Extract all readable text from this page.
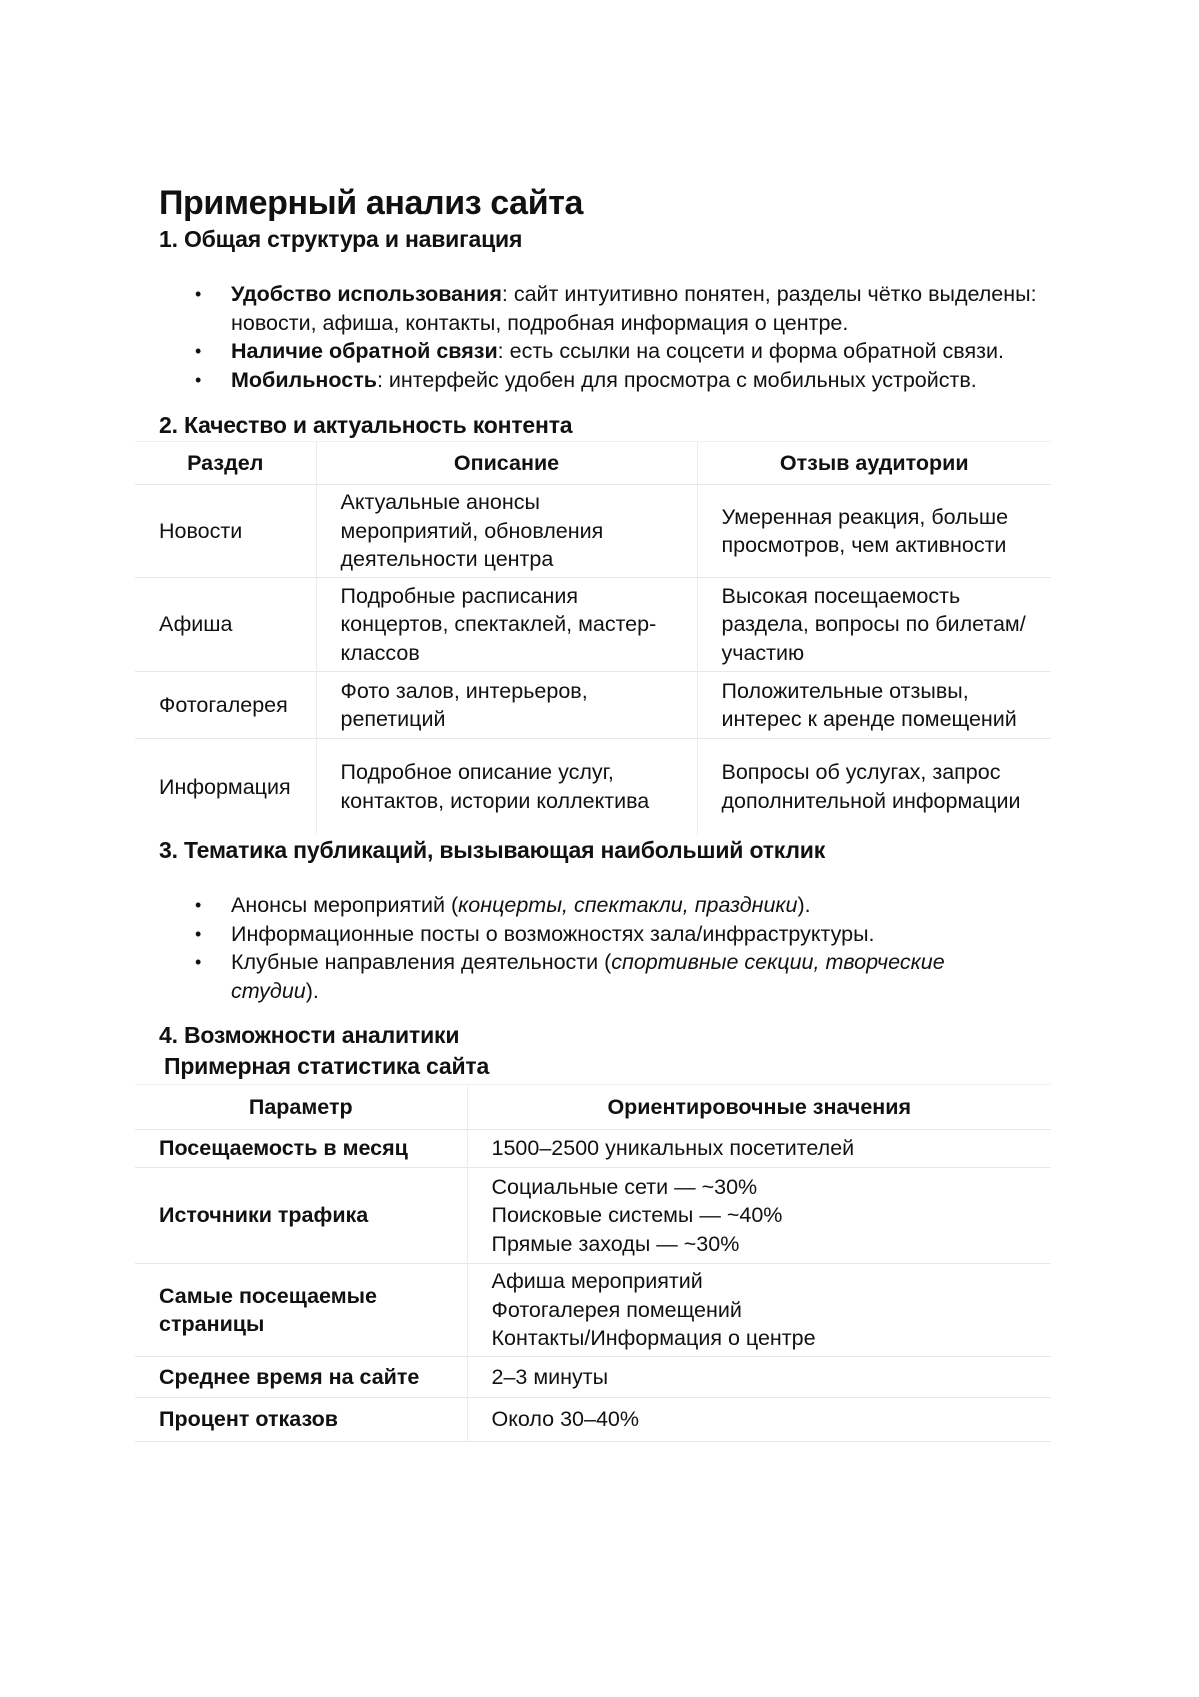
Примерный анализ сайта
1. Общая структура и навигация
• Удобство использования: сайт интуитивно понятен, разделы чётко выделены: новости, афиша, контакты, подробная информация о центре.
• Наличие обратной связи: есть ссылки на соцсети и форма обратной связи.
• Мобильность: интерфейс удобен для просмотра с мобильных устройств.
2. Качество и актуальность контента
Раздел	Описание	Отзыв аудитории
Новости	Актуальные анонсы мероприятий, обновления деятельности центра	Умеренная реакция, больше просмотров, чем активности
Афиша	Подробные расписания концертов, спектаклей, мастер-классов	Высокая посещаемость раздела, вопросы по билетам/участию
Фотогалерея	Фото залов, интерьеров, репетиций	Положительные отзывы, интерес к аренде помещений
Информация	Подробное описание услуг, контактов, истории коллектива	Вопросы об услугах, запрос дополнительной информации
3. Тематика публикаций, вызывающая наибольший отклик
• Анонсы мероприятий (концерты, спектакли, праздники).
• Информационные посты о возможностях зала/инфраструктуры.
• Клубные направления деятельности (спортивные секции, творческие студии).
4. Возможности аналитики
Примерная статистика сайта
Параметр	Ориентировочные значения
Посещаемость в месяц	1500–2500 уникальных посетителей

Источники трафика	Социальные сети — ~30%
Поисковые системы — ~40%
Прямые заходы — ~30%

Самые посещаемые страницы	Афиша мероприятий
Фотогалерея помещений
Контакты/Информация о центре

Среднее время на сайте	2–3 минуты

Процент отказов	Около 30–40%
